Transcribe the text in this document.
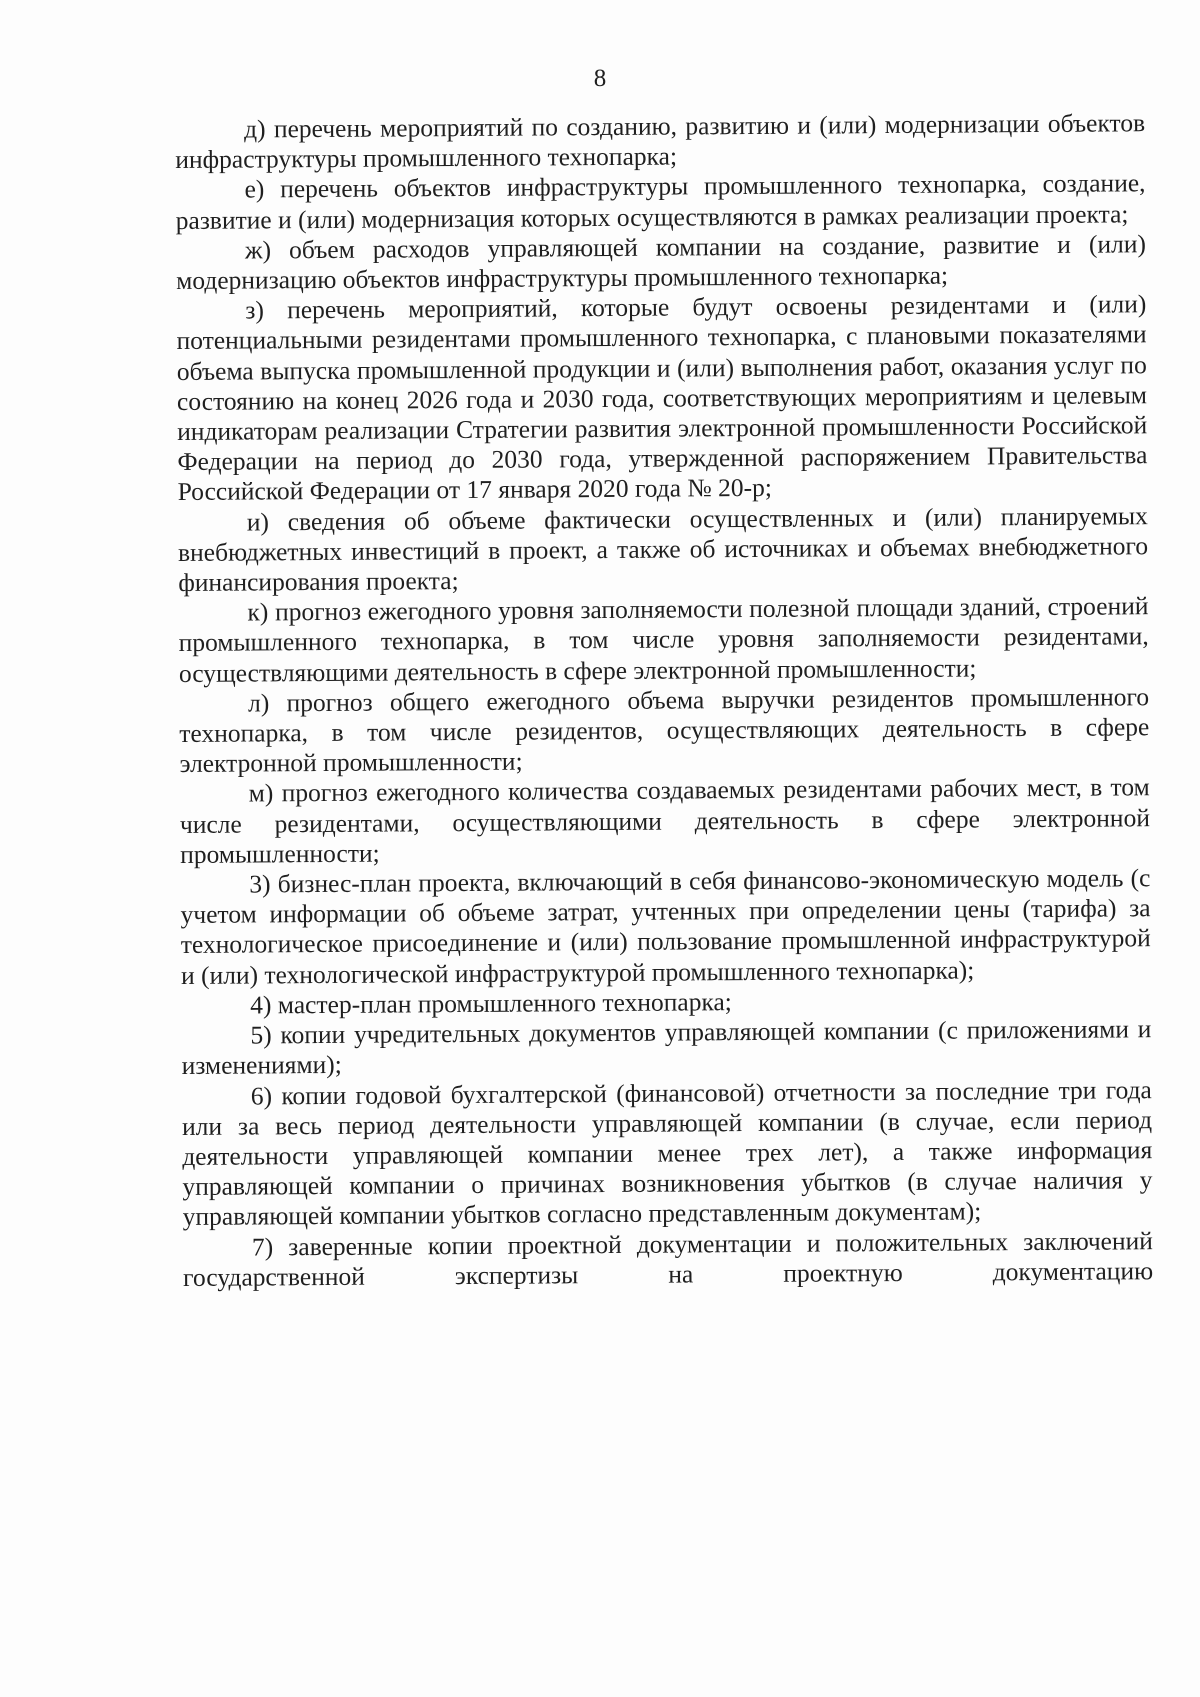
8

д) перечень мероприятий по созданию, развитию и (или) модернизации объектов инфраструктуры промышленного технопарка;

е) перечень объектов инфраструктуры промышленного технопарка, создание, развитие и (или) модернизация которых осуществляются в рамках реализации проекта;

ж) объем расходов управляющей компании на создание, развитие и (или) модернизацию объектов инфраструктуры промышленного технопарка;

з) перечень мероприятий, которые будут освоены резидентами и (или) потенциальными резидентами промышленного технопарка, с плановыми показателями объема выпуска промышленной продукции и (или) выполнения работ, оказания услуг по состоянию на конец 2026 года и 2030 года, соответствующих мероприятиям и целевым индикаторам реализации Стратегии развития электронной промышленности Российской Федерации на период до 2030 года, утвержденной распоряжением Правительства Российской Федерации от 17 января 2020 года № 20-р;

и) сведения об объеме фактически осуществленных и (или) планируемых внебюджетных инвестиций в проект, а также об источниках и объемах внебюджетного финансирования проекта;

к) прогноз ежегодного уровня заполняемости полезной площади зданий, строений промышленного технопарка, в том числе уровня заполняемости резидентами, осуществляющими деятельность в сфере электронной промышленности;

л) прогноз общего ежегодного объема выручки резидентов промышленного технопарка, в том числе резидентов, осуществляющих деятельность в сфере электронной промышленности;

м) прогноз ежегодного количества создаваемых резидентами рабочих мест, в том числе резидентами, осуществляющими деятельность в сфере электронной промышленности;

3) бизнес-план проекта, включающий в себя финансово-экономическую модель (с учетом информации об объеме затрат, учтенных при определении цены (тарифа) за технологическое присоединение и (или) пользование промышленной инфраструктурой и (или) технологической инфраструктурой промышленного технопарка);

4) мастер-план промышленного технопарка;

5) копии учредительных документов управляющей компании (с приложениями и изменениями);

6) копии годовой бухгалтерской (финансовой) отчетности за последние три года или за весь период деятельности управляющей компании (в случае, если период деятельности управляющей компании менее трех лет), а также информация управляющей компании о причинах возникновения убытков (в случае наличия у управляющей компании убытков согласно представленным документам);

7) заверенные копии проектной документации и положительных заключений государственной экспертизы на проектную документацию
